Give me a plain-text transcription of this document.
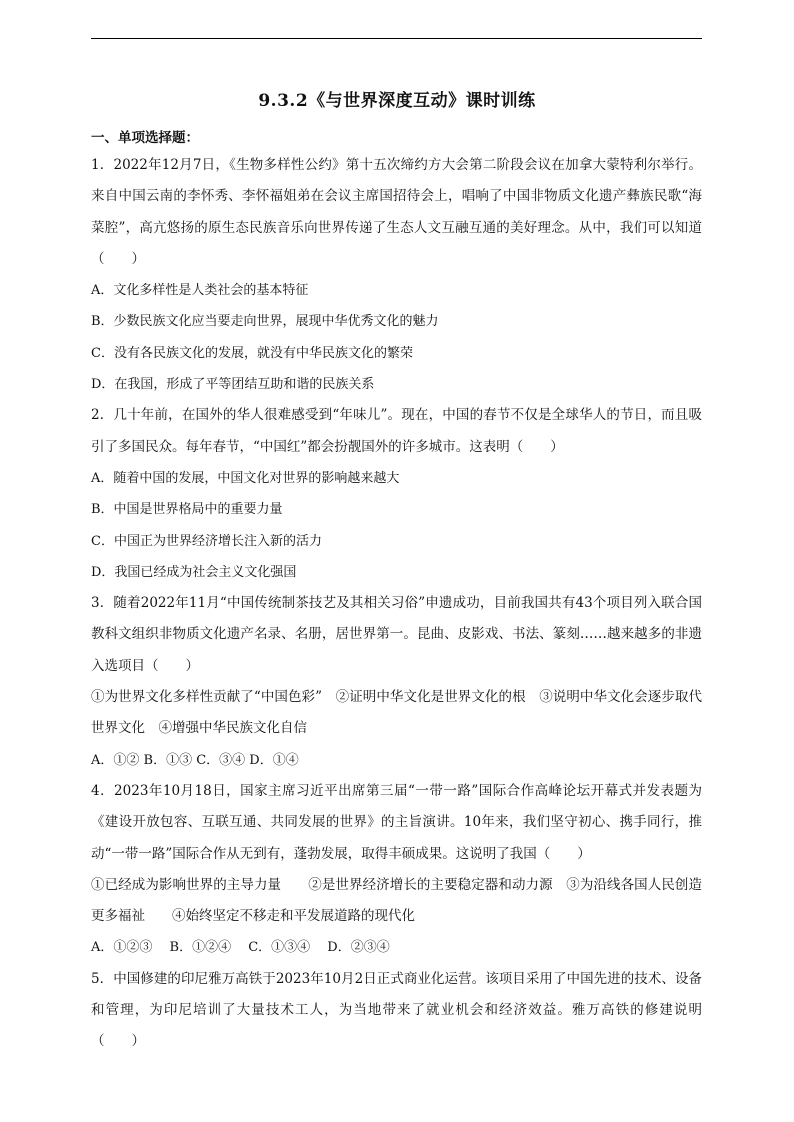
9.3.2《与世界深度互动》课时训练
一、单项选择题：

1．2022年12月7日，《生物多样性公约》第十五次缔约方大会第二阶段会议在加拿大蒙特利尔举行。来自中国云南的李怀秀、李怀福姐弟在会议主席国招待会上，唱响了中国非物质文化遗产彝族民歌“海菜腔”，高亢悠扬的原生态民族音乐向世界传递了生态人文互融互通的美好理念。从中，我们可以知道（　　）

A．文化多样性是人类社会的基本特征

B．少数民族文化应当要走向世界，展现中华优秀文化的魅力

C．没有各民族文化的发展，就没有中华民族文化的繁荣

D．在我国，形成了平等团结互助和谐的民族关系

2．几十年前，在国外的华人很难感受到“年味儿”。现在，中国的春节不仅是全球华人的节日，而且吸引了多国民众。每年春节，“中国红”都会扮靓国外的许多城市。这表明（　　）

A．随着中国的发展，中国文化对世界的影响越来越大

B．中国是世界格局中的重要力量

C．中国正为世界经济增长注入新的活力

D．我国已经成为社会主义文化强国

3．随着2022年11月“中国传统制茶技艺及其相关习俗”申遗成功，目前我国共有43个项目列入联合国教科文组织非物质文化遗产名录、名册，居世界第一。昆曲、皮影戏、书法、篆刻……越来越多的非遗入选项目（　　）

①为世界文化多样性贡献了“中国色彩”　②证明中华文化是世界文化的根　③说明中华文化会逐步取代世界文化　④增强中华民族文化自信

A．①② B．①③ C．③④ D．①④

4．2023年10月18日，国家主席习近平出席第三届“一带一路”国际合作高峰论坛开幕式并发表题为《建设开放包容、互联互通、共同发展的世界》的主旨演讲。10年来，我们坚守初心、携手同行，推动“一带一路”国际合作从无到有，蓬勃发展，取得丰硕成果。这说明了我国（　　）

①已经成为影响世界的主导力量　　②是世界经济增长的主要稳定器和动力源　③为沿线各国人民创造更多福祉　　④始终坚定不移走和平发展道路的现代化

A．①②③　 B．①②④　 C．①③④　 D．②③④

5．中国修建的印尼雅万高铁于2023年10月2日正式商业化运营。该项目采用了中国先进的技术、设备和管理，为印尼培训了大量技术工人，为当地带来了就业机会和经济效益。雅万高铁的修建说明（　　）
